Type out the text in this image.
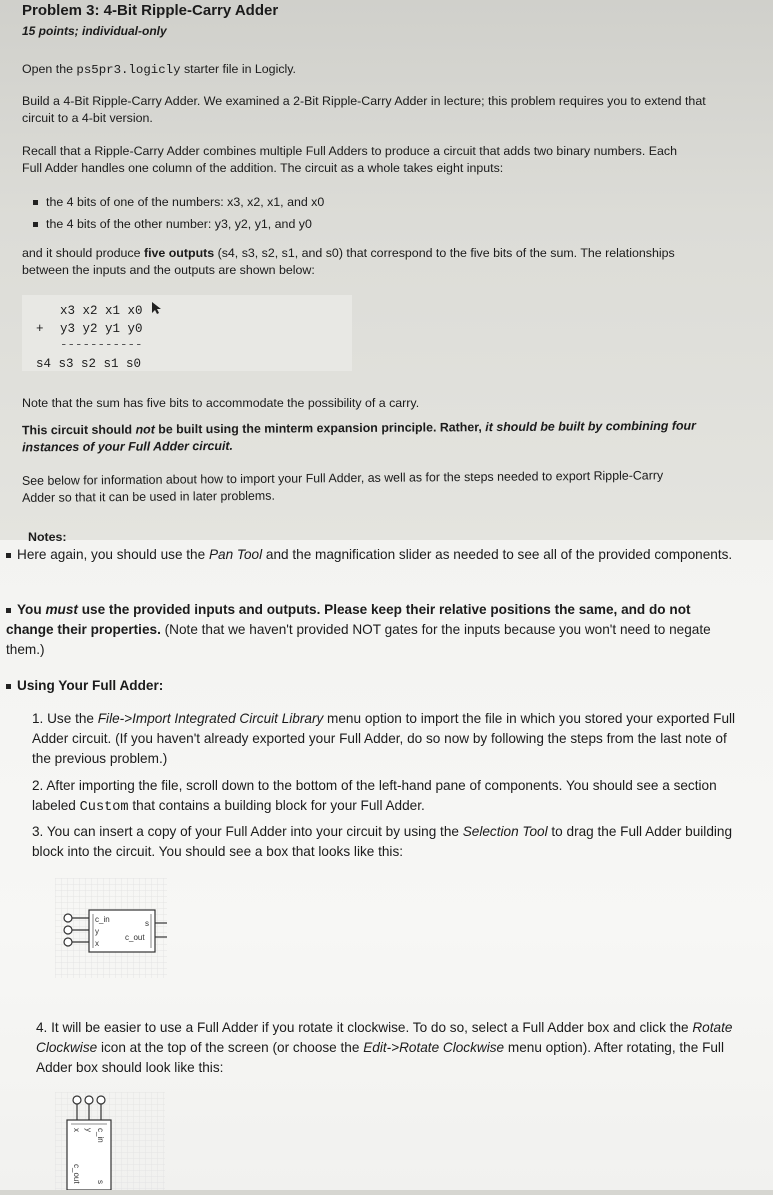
Problem 3: 4-Bit Ripple-Carry Adder
15 points; individual-only

Open the ps5pr3.logicly starter file in Logicly.

Build a 4-Bit Ripple-Carry Adder. We examined a 2-Bit Ripple-Carry Adder in lecture; this problem requires you to extend that circuit to a 4-bit version.

Recall that a Ripple-Carry Adder combines multiple Full Adders to produce a circuit that adds two binary numbers. Each Full Adder handles one column of the addition. The circuit as a whole takes eight inputs:

the 4 bits of one of the numbers: x3, x2, x1, and x0
the 4 bits of the other number: y3, y2, y1, and y0

and it should produce five outputs (s4, s3, s2, s1, and s0) that correspond to the five bits of the sum. The relationships between the inputs and the outputs are shown below:

x3 x2 x1 x0
+ y3 y2 y1 y0
-----------
s4 s3 s2 s1 s0

Note that the sum has five bits to accommodate the possibility of a carry.

This circuit should not be built using the minterm expansion principle. Rather, it should be built by combining four instances of your Full Adder circuit.

See below for information about how to import your Full Adder, as well as for the steps needed to export Ripple-Carry Adder so that it can be used in later problems.

Notes:
Here again, you should use the Pan Tool and the magnification slider as needed to see all of the provided components.
You must use the provided inputs and outputs. Please keep their relative positions the same, and do not change their properties. (Note that we haven't provided NOT gates for the inputs because you won't need to negate them.)
Using Your Full Adder:
1. Use the File->Import Integrated Circuit Library menu option to import the file in which you stored your exported Full Adder circuit. (If you haven't already exported your Full Adder, do so now by following the steps from the last note of the previous problem.)
2. After importing the file, scroll down to the bottom of the left-hand pane of components. You should see a section labeled Custom that contains a building block for your Full Adder.
3. You can insert a copy of your Full Adder into your circuit by using the Selection Tool to drag the Full Adder building block into the circuit. You should see a box that looks like this:
c_in
y
x
s
c_out
4. It will be easier to use a Full Adder if you rotate it clockwise. To do so, select a Full Adder box and click the Rotate Clockwise icon at the top of the screen (or choose the Edit->Rotate Clockwise menu option). After rotating, the Full Adder box should look like this:
x y c_in
c_out s
